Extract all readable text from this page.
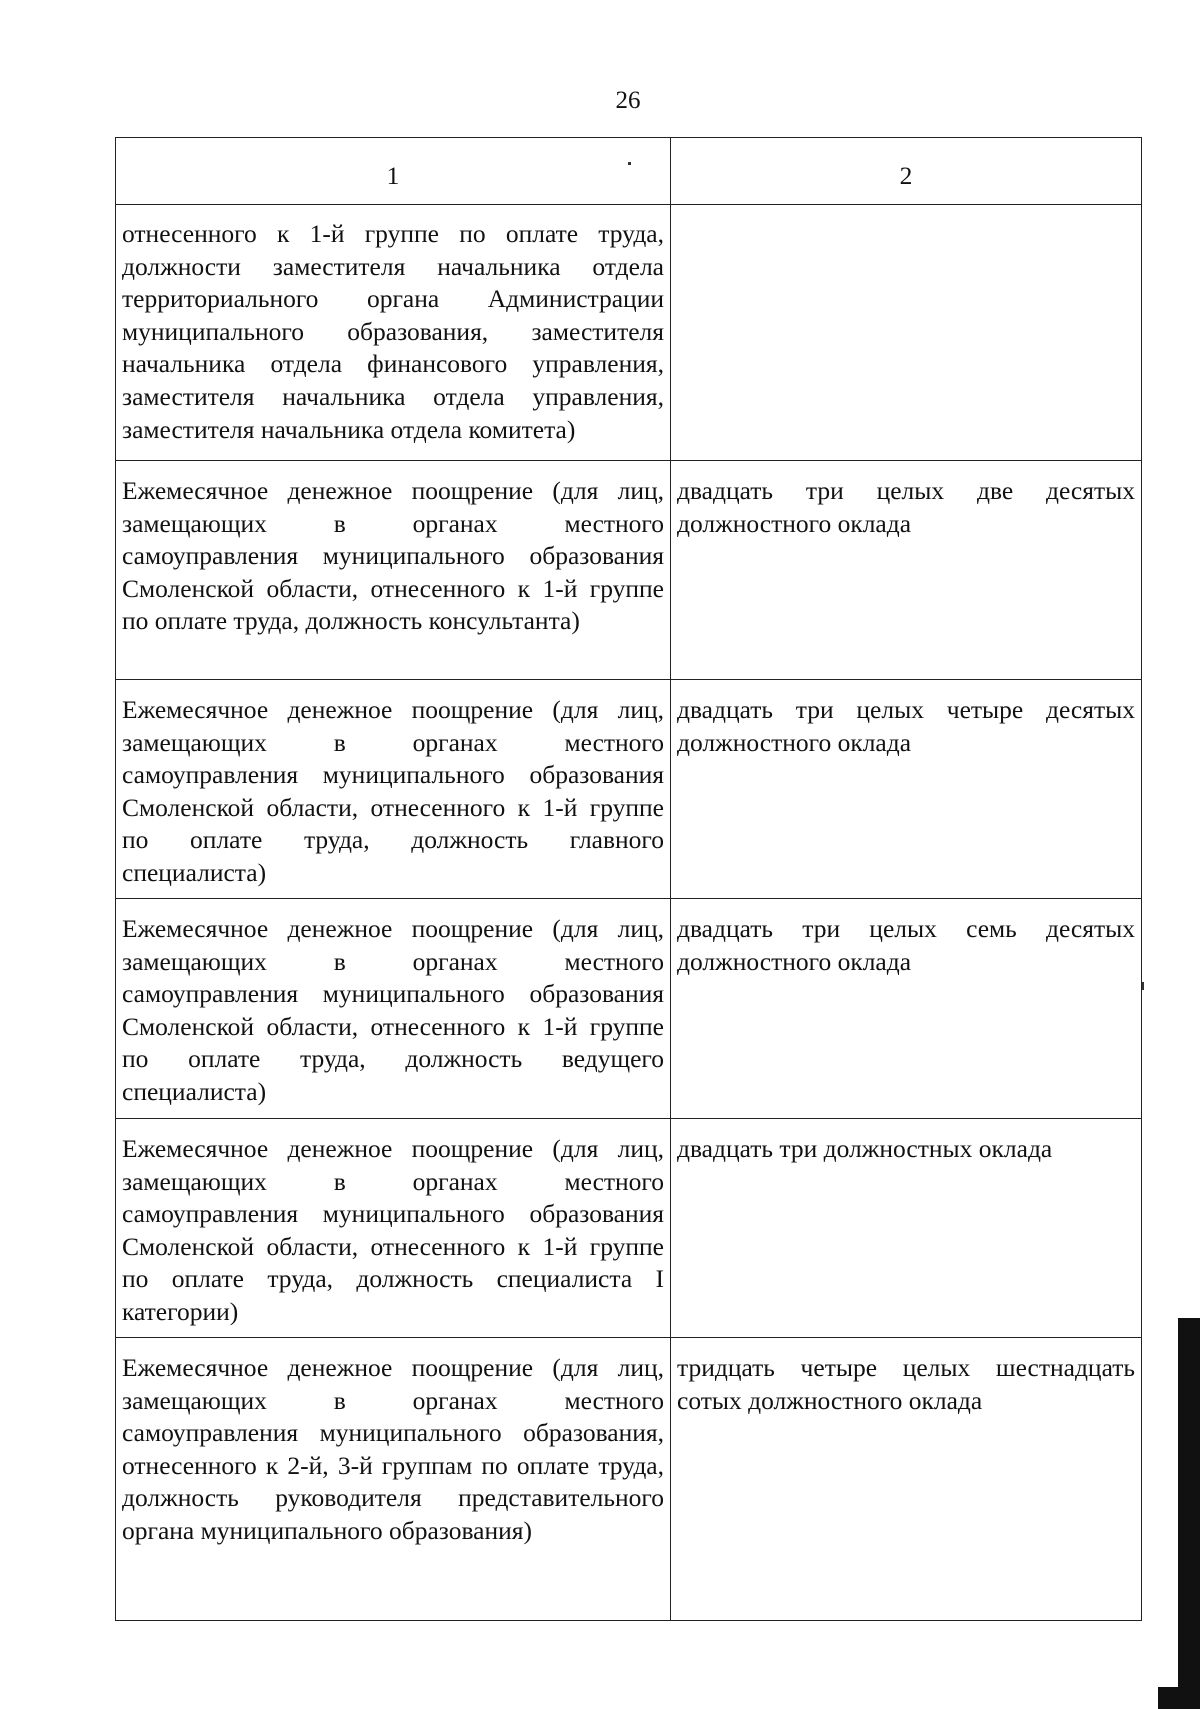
26
1	2
отнесенного к 1-й группе по оплате труда, должности заместителя начальника отдела территориального органа Администрации муниципального образования, заместителя начальника отдела финансового управления, заместителя начальника отдела управления, заместителя начальника отдела комитета)	
Ежемесячное денежное поощрение (для лиц, замещающих в органах местного самоуправления муниципального образования Смоленской области, отнесенного к 1-й группе по оплате труда, должность консультанта)	двадцать три целых две десятых должностного оклада
Ежемесячное денежное поощрение (для лиц, замещающих в органах местного самоуправления муниципального образования Смоленской области, отнесенного к 1-й группе по оплате труда, должность главного специалиста)	двадцать три целых четыре десятых должностного оклада
Ежемесячное денежное поощрение (для лиц, замещающих в органах местного самоуправления муниципального образования Смоленской области, отнесенного к 1-й группе по оплате труда, должность ведущего специалиста)	двадцать три целых семь десятых должностного оклада
Ежемесячное денежное поощрение (для лиц, замещающих в органах местного самоуправления муниципального образования Смоленской области, отнесенного к 1-й группе по оплате труда, должность специалиста I категории)	двадцать три должностных оклада
Ежемесячное денежное поощрение (для лиц, замещающих в органах местного самоуправления муниципального образования, отнесенного к 2-й, 3-й группам по оплате труда, должность руководителя представительного органа муниципального образования)	тридцать четыре целых шестнадцать сотых должностного оклада
